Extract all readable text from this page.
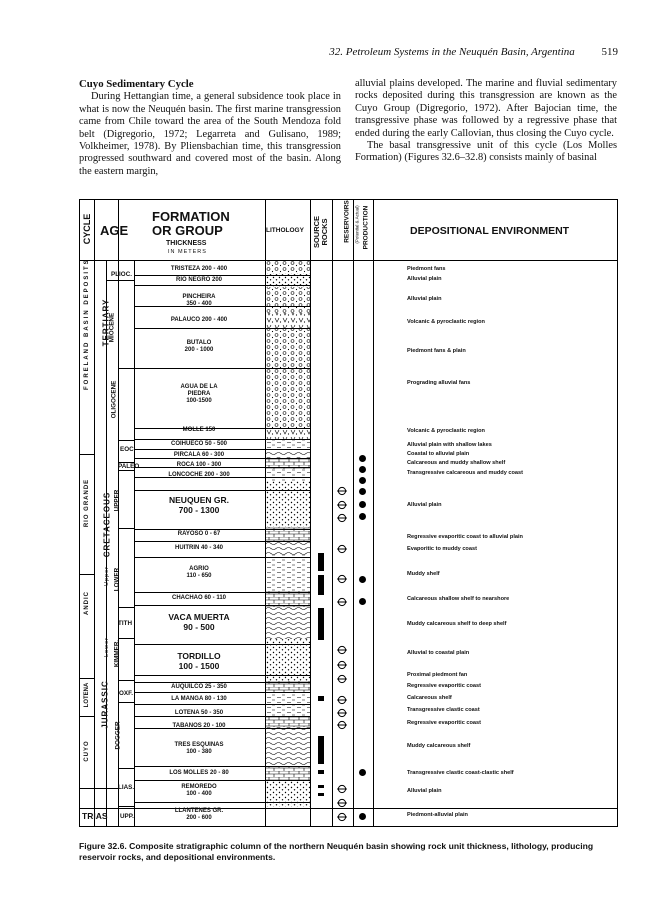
32. Petroleum Systems in the Neuquén Basin, Argentina 519
Cuyo Sedimentary Cycle

During Hettangian time, a general subsidence took place in what is now the Neuquén basin. The first marine transgression came from Chile toward the area of the South Mendoza fold belt (Digregorio, 1972; Legarreta and Gulisano, 1989; Volkheimer, 1978). By Pliensbachian time, this transgression progressed southward and covered most of the basin. Along the eastern margin,

alluvial plains developed. The marine and fluvial sedimentary rocks deposited during this transgression are known as the Cuyo Group (Digregorio, 1972). After Bajocian time, the transgressive phase was followed by a regressive phase that ended during the early Callovian, thus closing the Cuyo cycle.

The basal transgressive unit of this cycle (Los Molles Formation) (Figures 32.6–32.8) consists mainly of basinal

CYCLE AGE
FORMATION
OR GROUP
THICKNESS
IN METERS
LITHOLOGY SOURCE ROCKS RESERVOIRS (Potential & Actual) PRODUCTION	DEPOSITIONAL ENVIRONMENT
FORELAND BASIN DEPOSITS
RIO GRANDE
ANDIC
CUYO
LOTENA
TRIAS
TERTIARY
CRETACEOUS
JURASSIC
Upper
Lower
PLIOC.
MIOCENE
OLIGOCENE
EOC.
PALEO
UPPER
LOWER
TITH
KIMMER.
OXF.
DOGGER
LIAS.
UPP.
TRISTEZA 200 - 400
RIO NEGRO 200
PINCHEIRA
350 - 400
PALAUCO 200 - 400
BUTALO
200 - 1000
AGUA DE LA
PIEDRA
100-1500
MOLLE 150
COIHUECO 50 - 500
PIRCALA 60 - 300
ROCA 100 - 300
LONCOCHE 200 - 300
NEUQUEN GR.
700 - 1300
RAYOSO 0 - 67
HUITRIN 40 - 340
AGRIO
110 - 650
CHACHAO 60 - 110
VACA MUERTA
90 - 500
TORDILLO
100 - 1500
AUQUILCO 25 - 350
LA MANGA 80 - 130
LOTENA 50 - 350
TABANOS 20 - 100
TRES ESQUINAS
100 - 380
LOS MOLLES 20 - 80
REMOREDO
100 - 400
LLANTENES GR.
200 - 600
Piedmont fans
Alluvial plain
Alluvial plain
Volcanic & pyroclastic region
Piedmont fans & plain
Prograding alluvial fans
Volcanic & pyroclastic region
Alluvial plain with shallow lakes
Coastal to alluvial plain
Calcareous and muddy shallow shelf
Transgressive calcareous and muddy coast
Alluvial plain
Regressive evaporitic coast to alluvial plain
Evaporitic to muddy coast
Muddy shelf
Calcareous shallow shelf to nearshore
Muddy calcareous shelf to deep shelf
Alluvial to coastal plain
Proximal piedmont fan
Regressive evaporitic coast
Calcareous shelf
Transgressive clastic coast
Regressive evaporitic coast
Muddy calcareous shelf
Transgressive clastic coast-clastic shelf
Alluvial plain
Piedmont-alluvial plain
Figure 32.6. Composite stratigraphic column of the northern Neuquén basin showing rock unit thickness, lithology, producing reservoir rocks, and depositional environments.
